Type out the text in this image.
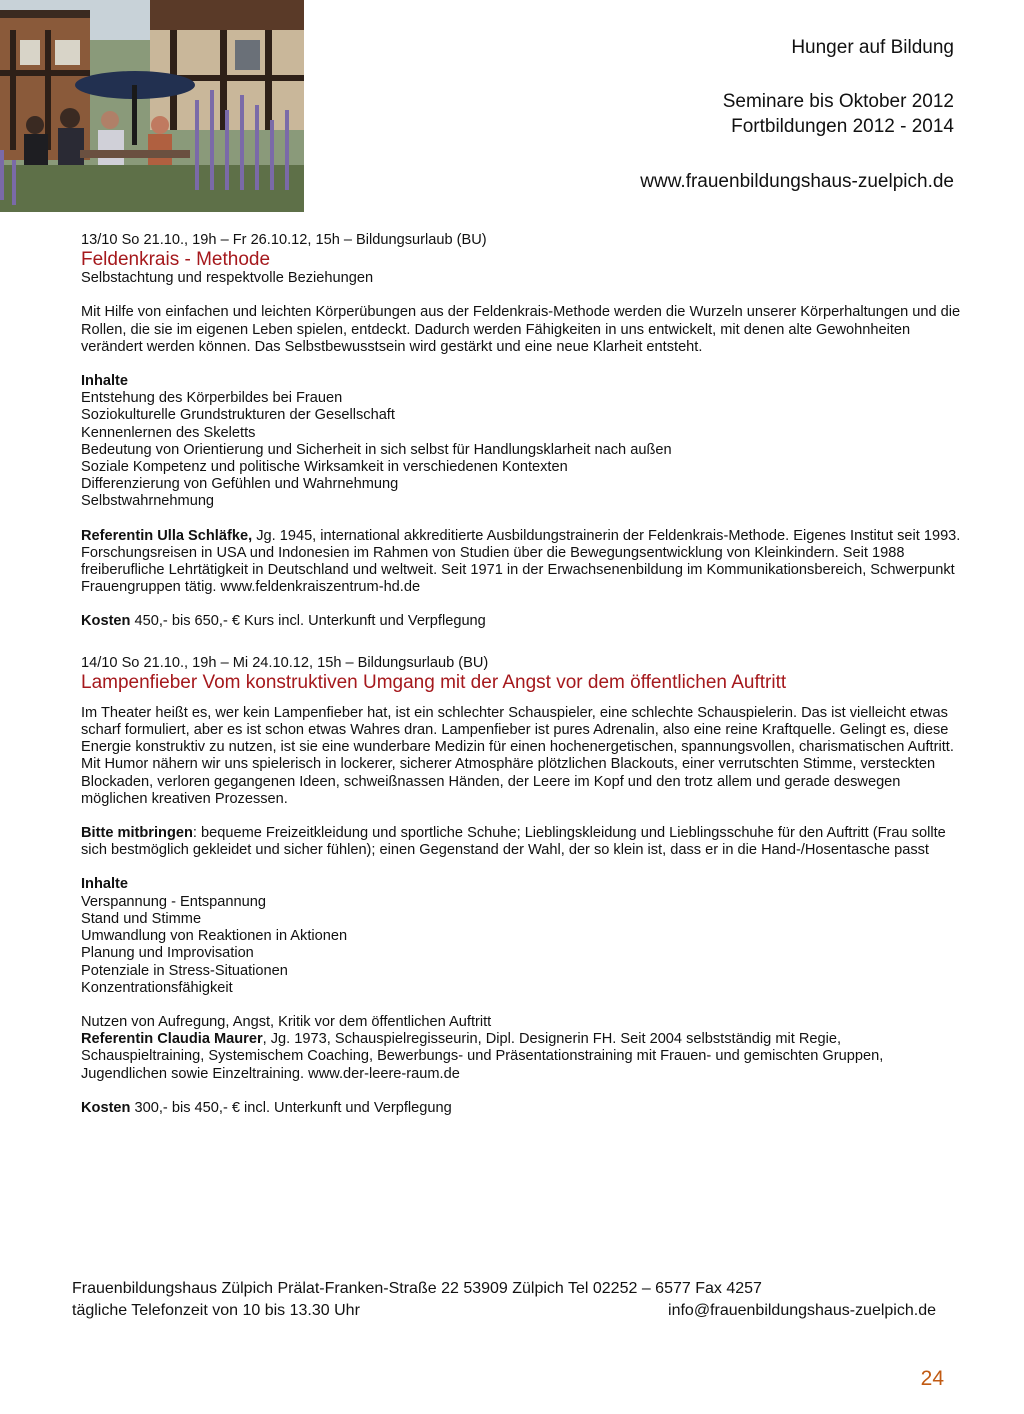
Hunger auf Bildung
Seminare bis Oktober 2012
Fortbildungen 2012 - 2014
www.frauenbildungshaus-zuelpich.de

13/10 So 21.10., 19h – Fr 26.10.12, 15h – Bildungsurlaub (BU)

Feldenkrais - Methode

Selbstachtung und respektvolle Beziehungen

Mit Hilfe von einfachen und leichten Körperübungen aus der Feldenkrais-Methode werden die Wurzeln unserer Körperhaltungen und die Rollen, die sie im eigenen Leben spielen, entdeckt. Dadurch werden Fähigkeiten in uns entwickelt, mit denen alte Gewohnheiten verändert werden können. Das Selbstbewusstsein wird gestärkt und eine neue Klarheit entsteht.

Inhalte

Entstehung des Körperbildes bei Frauen

Soziokulturelle Grundstrukturen der Gesellschaft

Kennenlernen des Skeletts

Bedeutung von Orientierung und Sicherheit in sich selbst für Handlungsklarheit nach außen

Soziale Kompetenz und politische Wirksamkeit in verschiedenen Kontexten

Differenzierung von Gefühlen und Wahrnehmung

Selbstwahrnehmung

Referentin Ulla Schläfke, Jg. 1945, international akkreditierte Ausbildungstrainerin der Feldenkrais-Methode. Eigenes Institut seit 1993. Forschungsreisen in USA und Indonesien im Rahmen von Studien über die Bewegungsentwicklung von Kleinkindern. Seit 1988 freiberufliche Lehrtätigkeit in Deutschland und weltweit. Seit 1971 in der Erwachsenenbildung im Kommunikationsbereich, Schwerpunkt Frauengruppen tätig. www.feldenkraiszentrum-hd.de

Kosten 450,- bis 650,- € Kurs incl. Unterkunft und Verpflegung

14/10 So 21.10., 19h – Mi 24.10.12, 15h – Bildungsurlaub (BU)

Lampenfieber Vom konstruktiven Umgang mit der Angst vor dem öffentlichen Auftritt

Im Theater heißt es, wer kein Lampenfieber hat, ist ein schlechter Schauspieler, eine schlechte Schauspielerin. Das ist vielleicht etwas scharf formuliert, aber es ist schon etwas Wahres dran. Lampenfieber ist pures Adrenalin, also eine reine Kraftquelle. Gelingt es, diese Energie konstruktiv zu nutzen, ist sie eine wunderbare Medizin für einen hochenergetischen, spannungsvollen, charismatischen Auftritt. Mit Humor nähern wir uns spielerisch in lockerer, sicherer Atmosphäre plötzlichen Blackouts, einer verrutschten Stimme, versteckten Blockaden, verloren gegangenen Ideen, schweißnassen Händen, der Leere im Kopf und den trotz allem und gerade deswegen möglichen kreativen Prozessen.

Bitte mitbringen: bequeme Freizeitkleidung und sportliche Schuhe; Lieblingskleidung und Lieblingsschuhe für den Auftritt (Frau sollte sich bestmöglich gekleidet und sicher fühlen); einen Gegenstand der Wahl, der so klein ist, dass er in die Hand-/Hosentasche passt

Inhalte

Verspannung - Entspannung

Stand und Stimme

Umwandlung von Reaktionen in Aktionen

Planung und Improvisation

Potenziale in Stress-Situationen

Konzentrationsfähigkeit

Nutzen von Aufregung, Angst, Kritik vor dem öffentlichen Auftritt

Referentin Claudia Maurer, Jg. 1973, Schauspielregisseurin, Dipl. Designerin FH. Seit 2004 selbstständig mit Regie, Schauspieltraining, Systemischem Coaching, Bewerbungs- und Präsentationstraining mit Frauen- und gemischten Gruppen, Jugendlichen sowie Einzeltraining. www.der-leere-raum.de

Kosten 300,- bis 450,- € incl. Unterkunft und Verpflegung

Frauenbildungshaus Zülpich Prälat-Franken-Straße 22 53909 Zülpich Tel 02252 – 6577 Fax 4257
tägliche Telefonzeit von 10 bis 13.30 Uhr	info@frauenbildungshaus-zuelpich.de
24
